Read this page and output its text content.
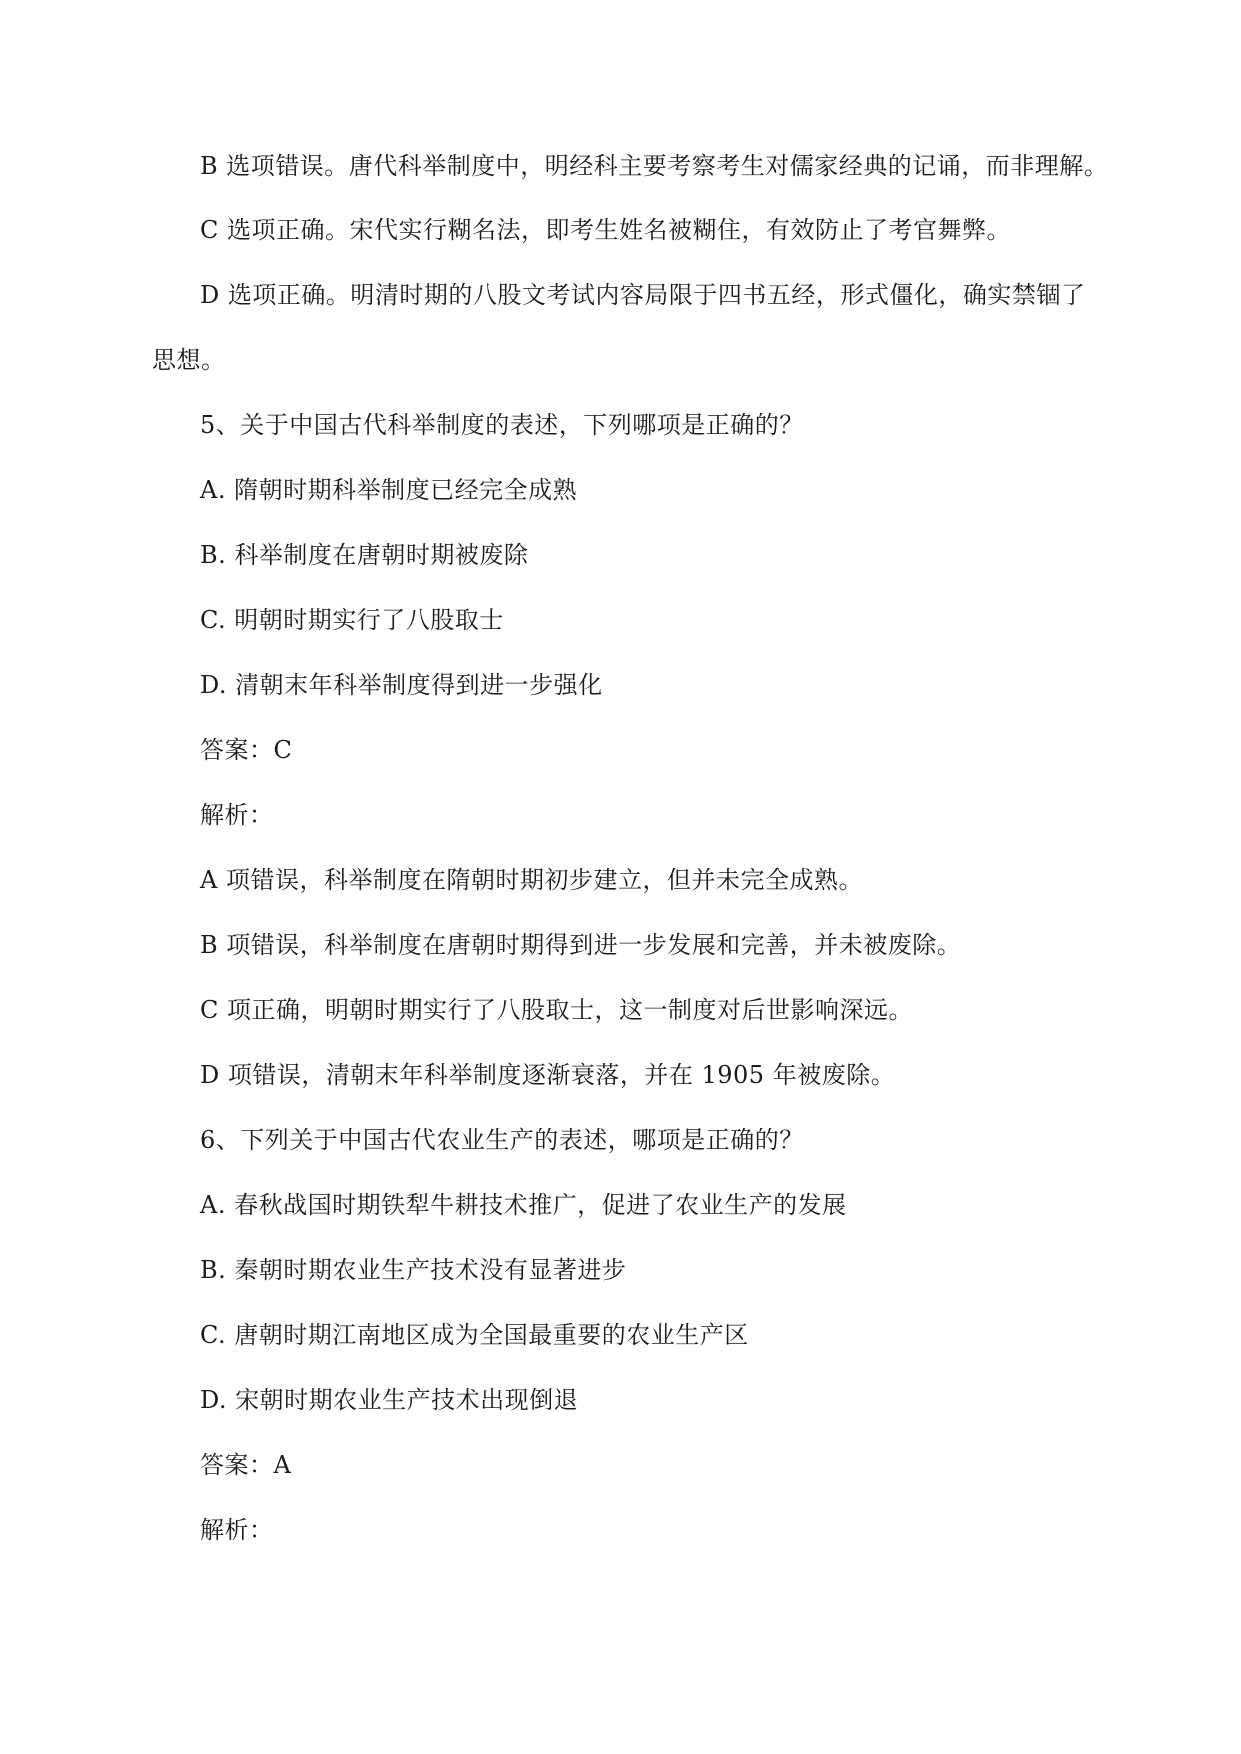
B 选项错误。唐代科举制度中，明经科主要考察考生对儒家经典的记诵，而非理解。
C 选项正确。宋代实行糊名法，即考生姓名被糊住，有效防止了考官舞弊。
D 选项正确。明清时期的八股文考试内容局限于四书五经，形式僵化，确实禁锢了
思想。
5、关于中国古代科举制度的表述，下列哪项是正确的？
A. 隋朝时期科举制度已经完全成熟
B. 科举制度在唐朝时期被废除
C. 明朝时期实行了八股取士
D. 清朝末年科举制度得到进一步强化
答案：C
解析：
A 项错误，科举制度在隋朝时期初步建立，但并未完全成熟。
B 项错误，科举制度在唐朝时期得到进一步发展和完善，并未被废除。
C 项正确，明朝时期实行了八股取士，这一制度对后世影响深远。
D 项错误，清朝末年科举制度逐渐衰落，并在 1905 年被废除。
6、下列关于中国古代农业生产的表述，哪项是正确的？
A. 春秋战国时期铁犁牛耕技术推广，促进了农业生产的发展
B. 秦朝时期农业生产技术没有显著进步
C. 唐朝时期江南地区成为全国最重要的农业生产区
D. 宋朝时期农业生产技术出现倒退
答案：A
解析：
